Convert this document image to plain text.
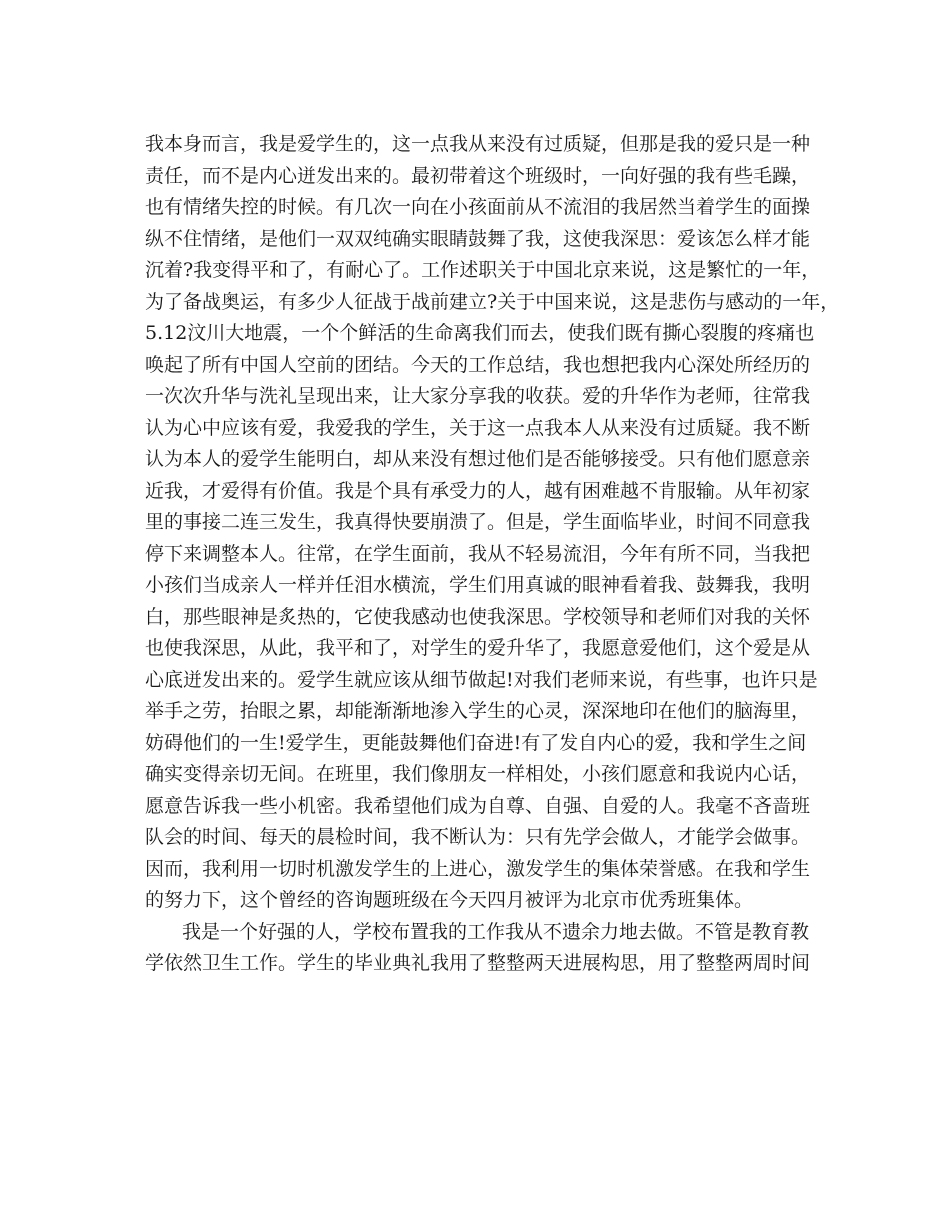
我本身而言，我是爱学生的，这一点我从来没有过质疑，但那是我的爱只是一种
责任，而不是内心迸发出来的。最初带着这个班级时，一向好强的我有些毛躁，
也有情绪失控的时候。有几次一向在小孩面前从不流泪的我居然当着学生的面操
纵不住情绪，是他们一双双纯确实眼睛鼓舞了我，这使我深思：爱该怎么样才能
沉着?我变得平和了，有耐心了。工作述职关于中国北京来说，这是繁忙的一年，
为了备战奥运，有多少人征战于战前建立?关于中国来说，这是悲伤与感动的一年，
5.12汶川大地震，一个个鲜活的生命离我们而去，使我们既有撕心裂腹的疼痛也
唤起了所有中国人空前的团结。今天的工作总结，我也想把我内心深处所经历的
一次次升华与洗礼呈现出来，让大家分享我的收获。爱的升华作为老师，往常我
认为心中应该有爱，我爱我的学生，关于这一点我本人从来没有过质疑。我不断
认为本人的爱学生能明白，却从来没有想过他们是否能够接受。只有他们愿意亲
近我，才爱得有价值。我是个具有承受力的人，越有困难越不肯服输。从年初家
里的事接二连三发生，我真得快要崩溃了。但是，学生面临毕业，时间不同意我
停下来调整本人。往常，在学生面前，我从不轻易流泪，今年有所不同，当我把
小孩们当成亲人一样并任泪水横流，学生们用真诚的眼神看着我、鼓舞我，我明
白，那些眼神是炙热的，它使我感动也使我深思。学校领导和老师们对我的关怀
也使我深思，从此，我平和了，对学生的爱升华了，我愿意爱他们，这个爱是从
心底迸发出来的。爱学生就应该从细节做起!对我们老师来说，有些事，也许只是
举手之劳，抬眼之累，却能渐渐地渗入学生的心灵，深深地印在他们的脑海里，
妨碍他们的一生!爱学生，更能鼓舞他们奋进!有了发自内心的爱，我和学生之间
确实变得亲切无间。在班里，我们像朋友一样相处，小孩们愿意和我说内心话，
愿意告诉我一些小机密。我希望他们成为自尊、自强、自爱的人。我毫不吝啬班
队会的时间、每天的晨检时间，我不断认为：只有先学会做人，才能学会做事。
因而，我利用一切时机激发学生的上进心，激发学生的集体荣誉感。在我和学生
的努力下，这个曾经的咨询题班级在今天四月被评为北京市优秀班集体。
我是一个好强的人，学校布置我的工作我从不遗余力地去做。不管是教育教
学依然卫生工作。学生的毕业典礼我用了整整两天进展构思，用了整整两周时间
